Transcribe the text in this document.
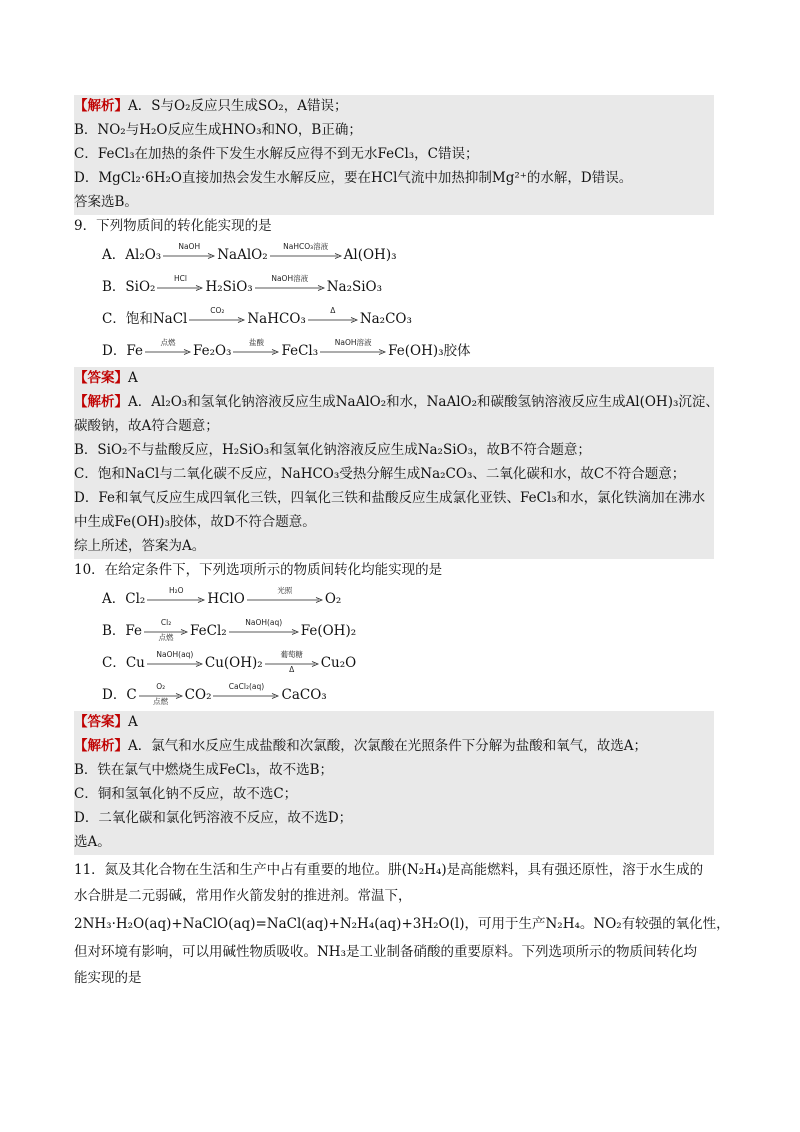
【解析】A．S与O₂反应只生成SO₂，A错误；
B．NO₂与H₂O反应生成HNO₃和NO，B正确；
C．FeCl₃在加热的条件下发生水解反应得不到无水FeCl₃，C错误；
D．MgCl₂·6H₂O直接加热会发生水解反应，要在HCl气流中加热抑制Mg²⁺的水解，D错误。
答案选B。
9．下列物质间的转化能实现的是
A．Al₂O₃
NaOH
NaAlO₂
NaHCO₃溶液
Al(OH)₃
B．SiO₂
HCl
H₂SiO₃
NaOH溶液
Na₂SiO₃
C．饱和NaCl
CO₂
NaHCO₃
Δ
Na₂CO₃
D．Fe
点燃
Fe₂O₃
盐酸
FeCl₃
NaOH溶液
Fe(OH)₃胶体
【答案】A
【解析】A．Al₂O₃和氢氧化钠溶液反应生成NaAlO₂和水，NaAlO₂和碳酸氢钠溶液反应生成Al(OH)₃沉淀、
碳酸钠，故A符合题意；
B．SiO₂不与盐酸反应，H₂SiO₃和氢氧化钠溶液反应生成Na₂SiO₃，故B不符合题意；
C．饱和NaCl与二氧化碳不反应，NaHCO₃受热分解生成Na₂CO₃、二氧化碳和水，故C不符合题意；
D．Fe和氧气反应生成四氧化三铁，四氧化三铁和盐酸反应生成氯化亚铁、FeCl₃和水，氯化铁滴加在沸水
中生成Fe(OH)₃胶体，故D不符合题意。
综上所述，答案为A。
10．在给定条件下，下列选项所示的物质间转化均能实现的是
A．Cl₂
H₂O
HClO
光照
O₂
B．Fe
Cl₂
点燃	FeCl₂
NaOH(aq)
Fe(OH)₂
C．Cu
NaOH(aq)
Cu(OH)₂
葡萄糖
Δ	Cu₂O
D．C
O₂
点燃	CO₂
CaCl₂(aq)
CaCO₃
【答案】A
【解析】A．氯气和水反应生成盐酸和次氯酸，次氯酸在光照条件下分解为盐酸和氧气，故选A；
B．铁在氯气中燃烧生成FeCl₃，故不选B；
C．铜和氢氧化钠不反应，故不选C；
D．二氧化碳和氯化钙溶液不反应，故不选D；
选A。
11．氮及其化合物在生活和生产中占有重要的地位。肼(N₂H₄)是高能燃料，具有强还原性，溶于水生成的
水合肼是二元弱碱，常用作火箭发射的推进剂。常温下，
2NH₃·H₂O(aq)+NaClO(aq)=NaCl(aq)+N₂H₄(aq)+3H₂O(l)，可用于生产N₂H₄。NO₂有较强的氧化性，
但对环境有影响，可以用碱性物质吸收。NH₃是工业制备硝酸的重要原料。下列选项所示的物质间转化均
能实现的是
